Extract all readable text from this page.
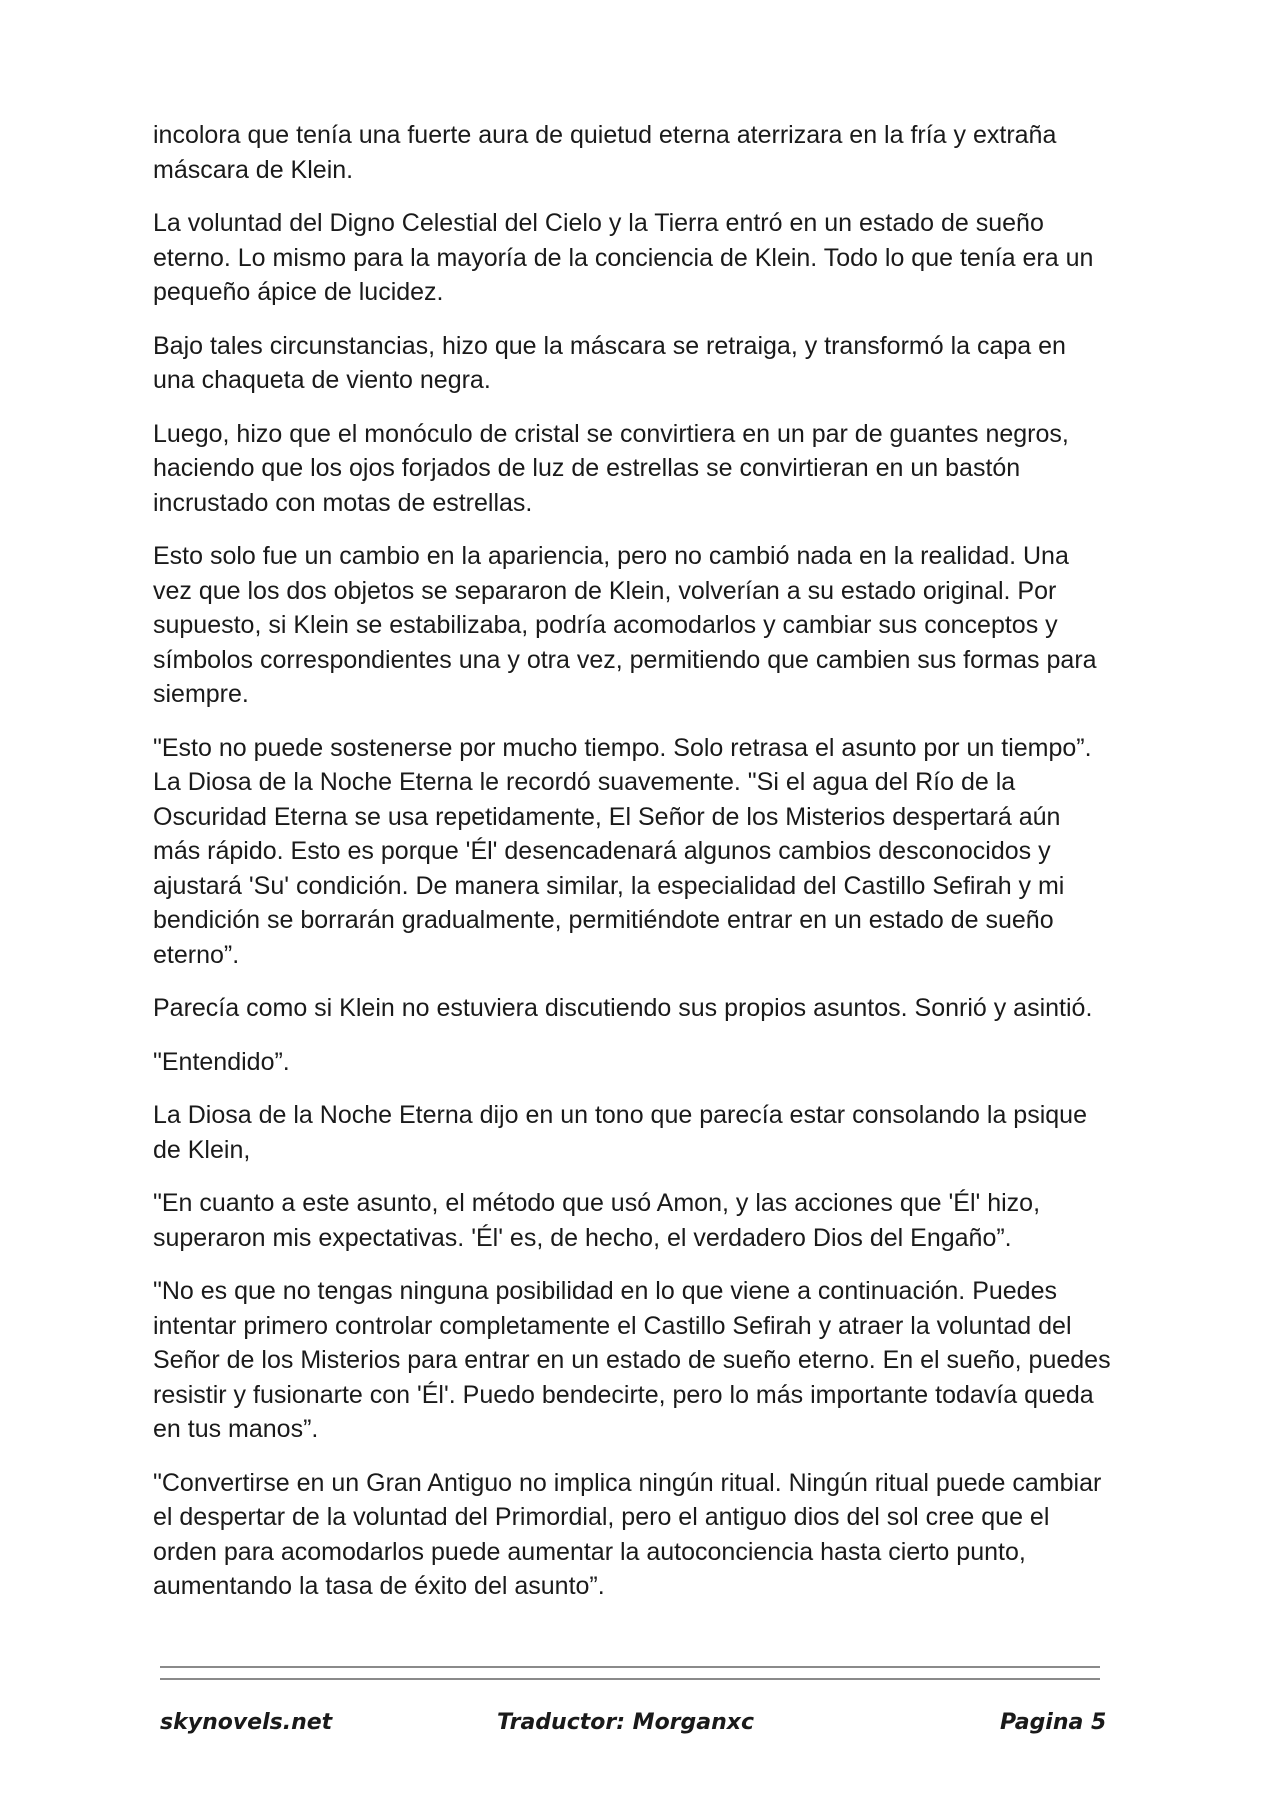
incolora que tenía una fuerte aura de quietud eterna aterrizara en la fría y extraña máscara de Klein.

La voluntad del Digno Celestial del Cielo y la Tierra entró en un estado de sueño eterno. Lo mismo para la mayoría de la conciencia de Klein. Todo lo que tenía era un pequeño ápice de lucidez.

Bajo tales circunstancias, hizo que la máscara se retraiga, y transformó la capa en una chaqueta de viento negra.

Luego, hizo que el monóculo de cristal se convirtiera en un par de guantes negros, haciendo que los ojos forjados de luz de estrellas se convirtieran en un bastón incrustado con motas de estrellas.

Esto solo fue un cambio en la apariencia, pero no cambió nada en la realidad. Una vez que los dos objetos se separaron de Klein, volverían a su estado original. Por supuesto, si Klein se estabilizaba, podría acomodarlos y cambiar sus conceptos y símbolos correspondientes una y otra vez, permitiendo que cambien sus formas para siempre.

"Esto no puede sostenerse por mucho tiempo. Solo retrasa el asunto por un tiempo”. La Diosa de la Noche Eterna le recordó suavemente. "Si el agua del Río de la Oscuridad Eterna se usa repetidamente, El Señor de los Misterios despertará aún más rápido. Esto es porque 'Él' desencadenará algunos cambios desconocidos y ajustará 'Su' condición. De manera similar, la especialidad del Castillo Sefirah y mi bendición se borrarán gradualmente, permitiéndote entrar en un estado de sueño eterno”.

Parecía como si Klein no estuviera discutiendo sus propios asuntos. Sonrió y asintió.

"Entendido”.

La Diosa de la Noche Eterna dijo en un tono que parecía estar consolando la psique de Klein,

"En cuanto a este asunto, el método que usó Amon, y las acciones que 'Él' hizo, superaron mis expectativas. 'Él' es, de hecho, el verdadero Dios del Engaño”.

"No es que no tengas ninguna posibilidad en lo que viene a continuación. Puedes intentar primero controlar completamente el Castillo Sefirah y atraer la voluntad del Señor de los Misterios para entrar en un estado de sueño eterno. En el sueño, puedes resistir y fusionarte con 'Él'. Puedo bendecirte, pero lo más importante todavía queda en tus manos”.

"Convertirse en un Gran Antiguo no implica ningún ritual. Ningún ritual puede cambiar el despertar de la voluntad del Primordial, pero el antiguo dios del sol cree que el orden para acomodarlos puede aumentar la autoconciencia hasta cierto punto, aumentando la tasa de éxito del asunto”.

skynovels.net	Traductor: Morganxc	Pagina 5
